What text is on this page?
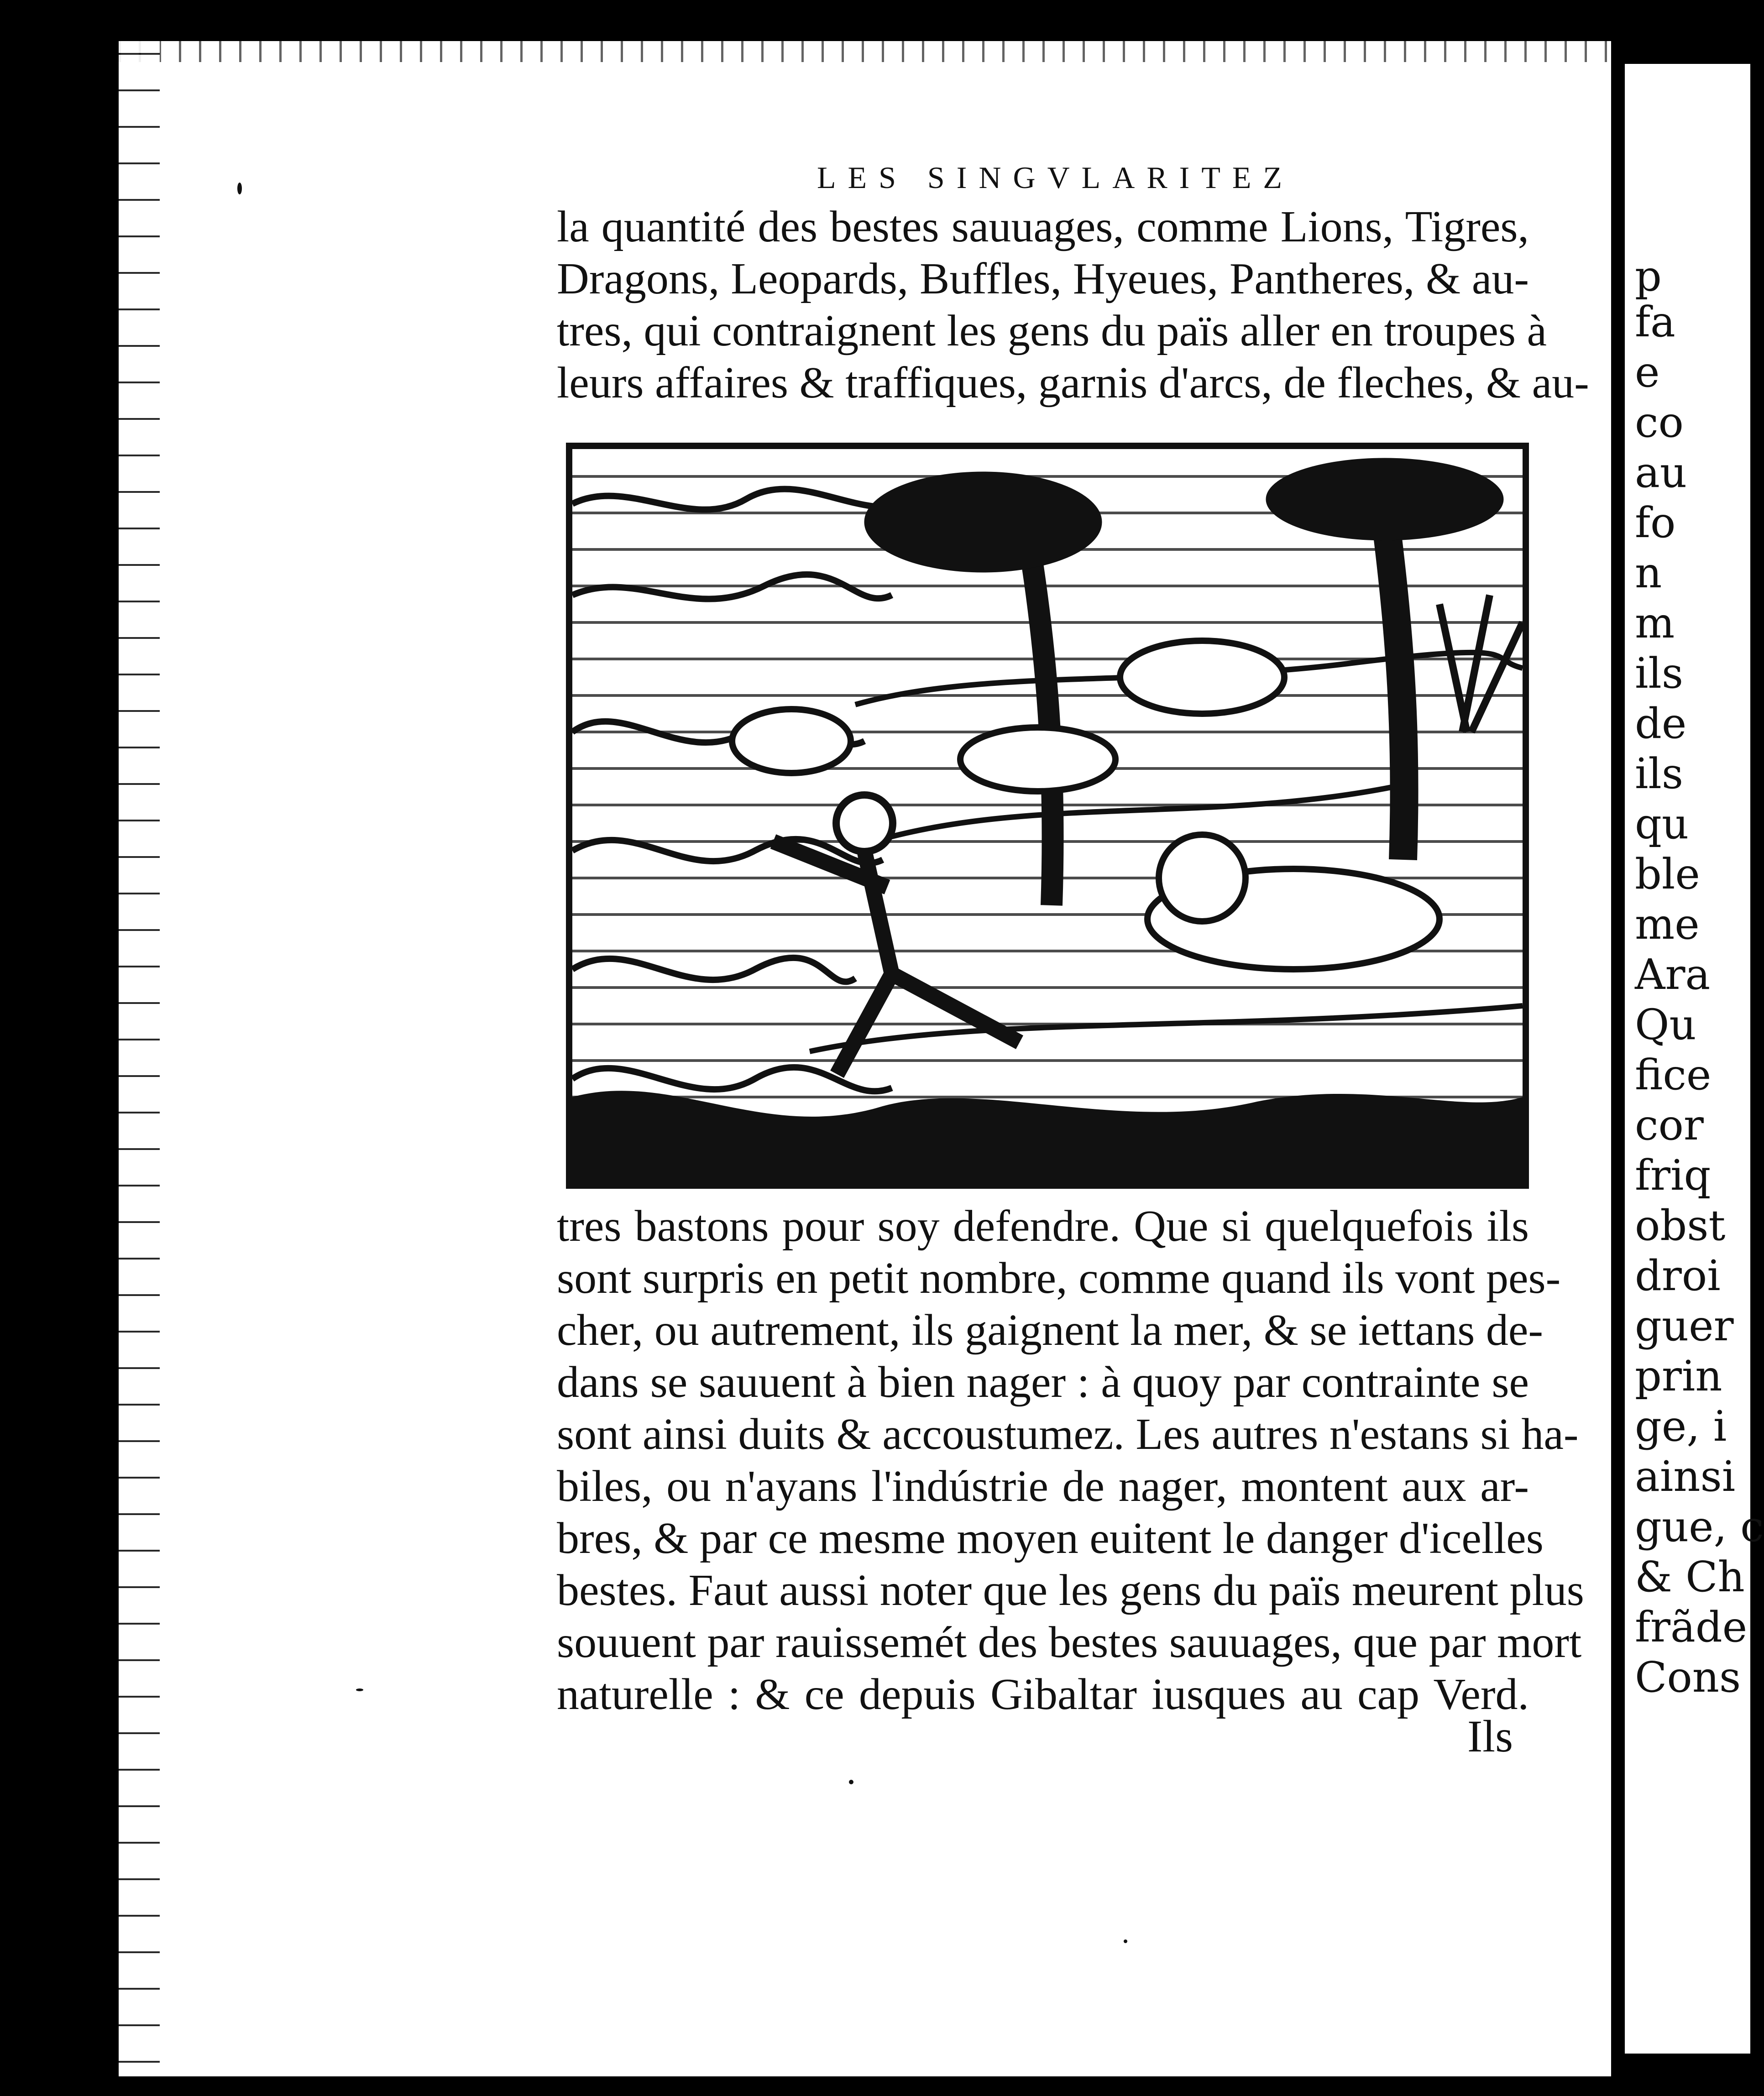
LES SINGVLARITEZ
la quantité des bestes sauuages, comme Lions, Tigres,
Dragons, Leopards, Buffles, Hyeues, Pantheres, & au-
tres, qui contraignent les gens du païs aller en troupes à
leurs affaires & traffiques, garnis d'arcs, de fleches, & au-
tres bastons pour soy defendre. Que si quelquefois ils
sont surpris en petit nombre, comme quand ils vont pes-
cher, ou autrement, ils gaignent la mer, & se iettans de-
dans se sauuent à bien nager : à quoy par contrainte se
sont ainsi duits & accoustumez. Les autres n'estans si ha-
biles, ou n'ayans l'indústrie de nager, montent aux ar-
bres, & par ce mesme moyen euitent le danger d'icelles
bestes. Faut aussi noter que les gens du païs meurent plus
souuent par rauissemét des bestes sauuages, que par mort
naturelle : & ce depuis Gibaltar iusques au cap Verd.
Ils
p
fa
e
co
au
fo
n
m
ils
de
ils
qu
ble
me
Ara
Qu
fice
cor
friq
obst
droi
guer
prin
ge, i
ainsi
gue, c
& Ch
frãde
Cons
